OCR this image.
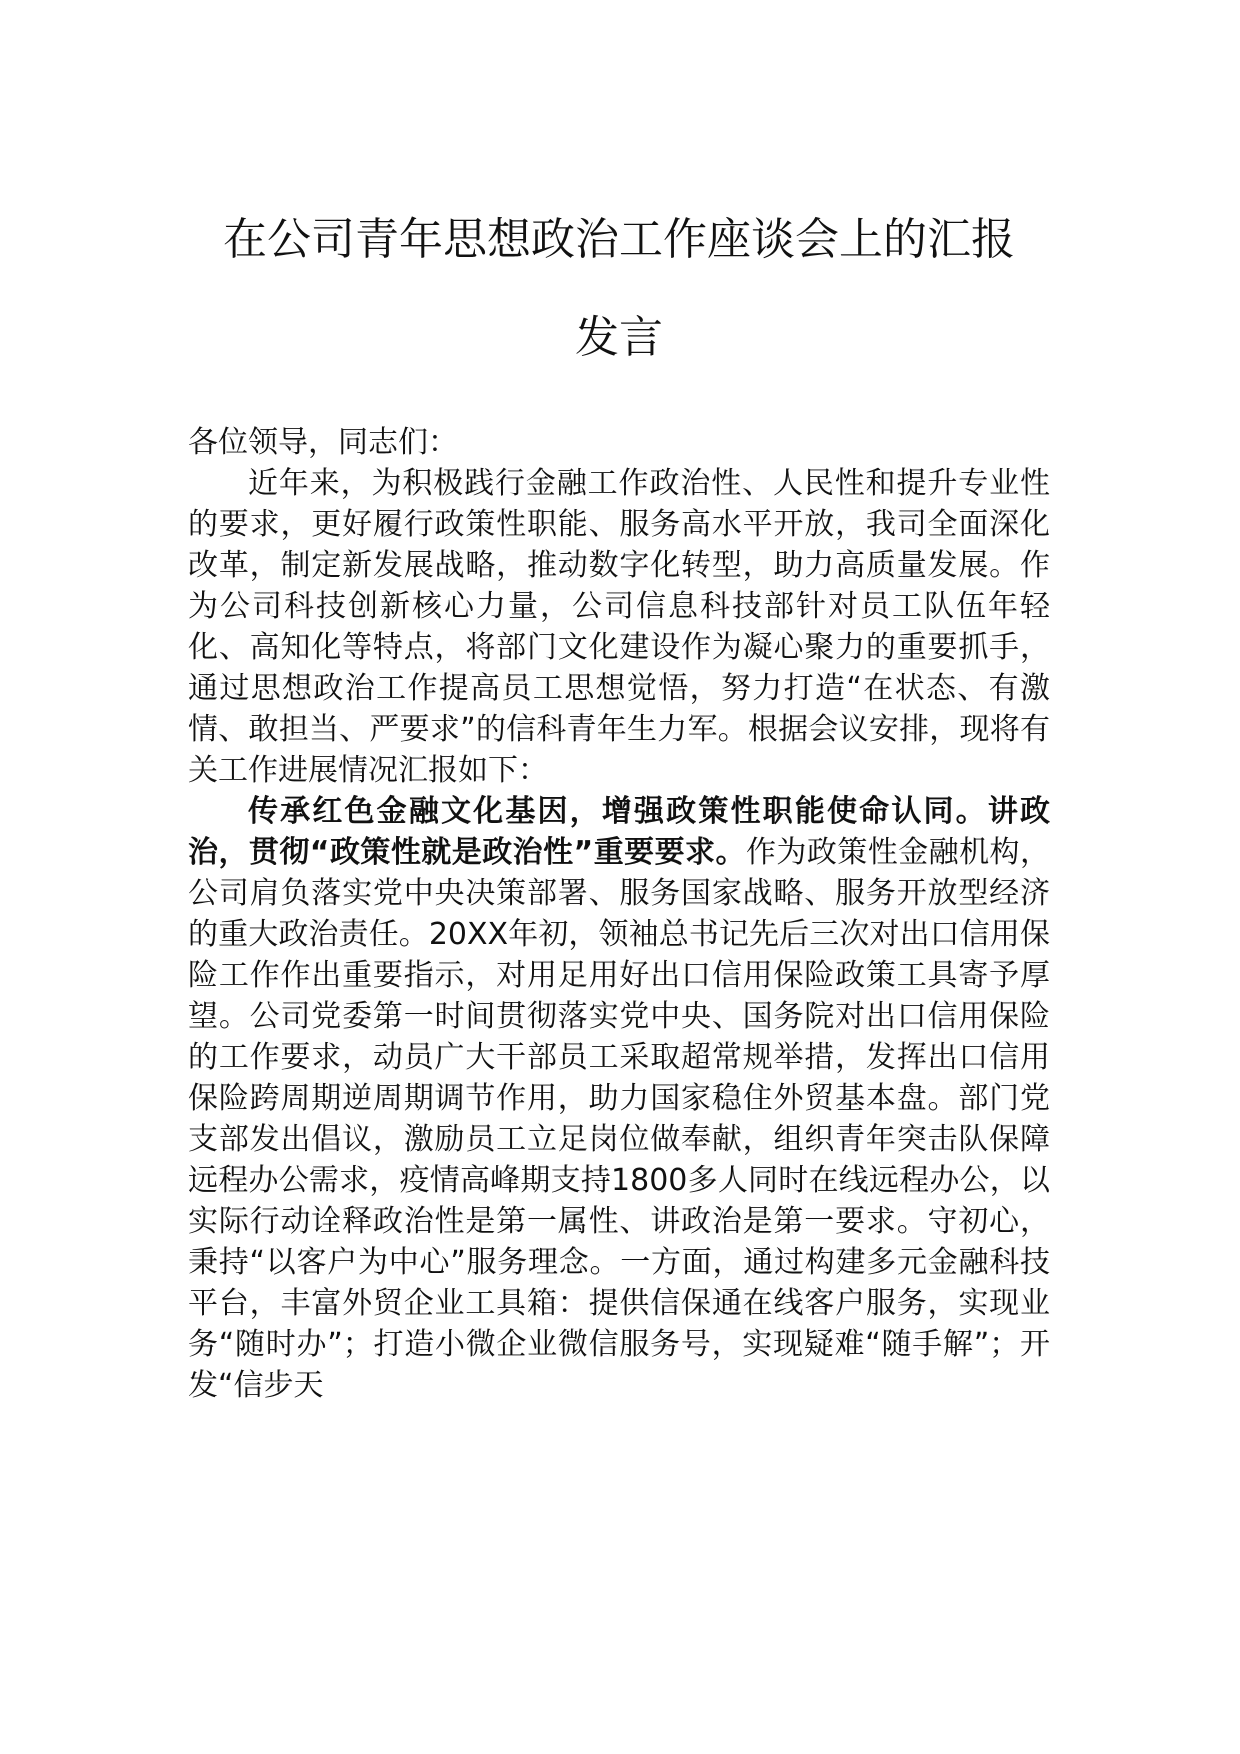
在公司青年思想政治工作座谈会上的汇报
发言

各位领导，同志们：

近年来，为积极践行金融工作政治性、人民性和提升专业性的要求，更好履行政策性职能、服务高水平开放，我司全面深化改革，制定新发展战略，推动数字化转型，助力高质量发展。作为公司科技创新核心力量，公司信息科技部针对员工队伍年轻化、高知化等特点，将部门文化建设作为凝心聚力的重要抓手，通过思想政治工作提高员工思想觉悟，努力打造“在状态、有激情、敢担当、严要求”的信科青年生力军。根据会议安排，现将有关工作进展情况汇报如下：

传承红色金融文化基因，增强政策性职能使命认同。讲政治，贯彻“政策性就是政治性”重要要求。作为政策性金融机构，公司肩负落实党中央决策部署、服务国家战略、服务开放型经济的重大政治责任。20XX年初，领袖总书记先后三次对出口信用保险工作作出重要指示，对用足用好出口信用保险政策工具寄予厚望。公司党委第一时间贯彻落实党中央、国务院对出口信用保险的工作要求，动员广大干部员工采取超常规举措，发挥出口信用保险跨周期逆周期调节作用，助力国家稳住外贸基本盘。部门党支部发出倡议，激励员工立足岗位做奉献，组织青年突击队保障远程办公需求，疫情高峰期支持1800多人同时在线远程办公，以实际行动诠释政治性是第一属性、讲政治是第一要求。守初心，秉持“以客户为中心”服务理念。一方面，通过构建多元金融科技平台，丰富外贸企业工具箱：提供信保通在线客户服务，实现业务“随时办”；打造小微企业微信服务号，实现疑难“随手解”；开发“信步天
